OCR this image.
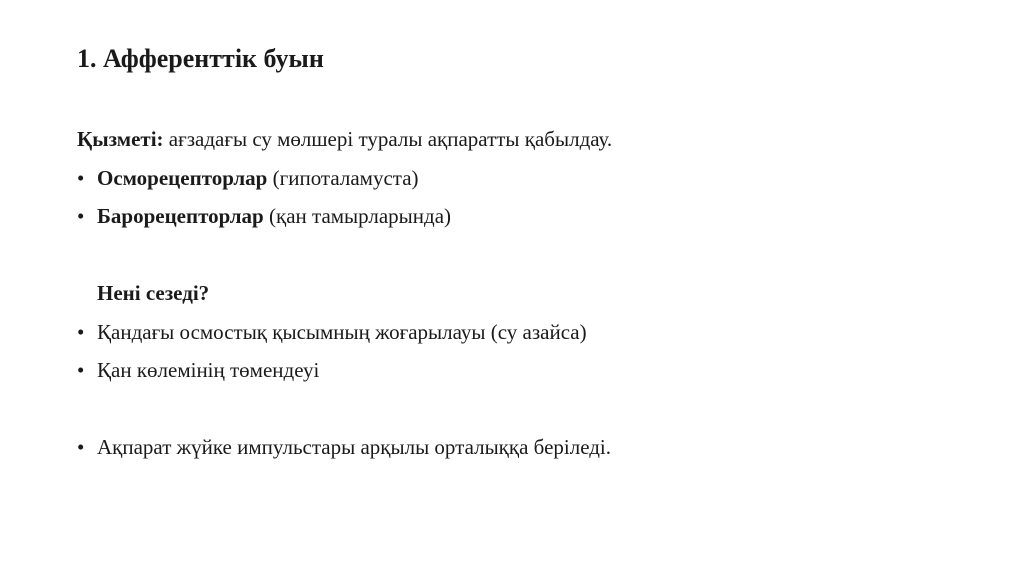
1. Афференттік буын
Қызметі: ағзадағы су мөлшері туралы ақпаратты қабылдау.
• Осморецепторлар (гипоталамуста)
• Барорецепторлар (қан тамырларында)
Нені сезеді?
• Қандағы осмостық қысымның жоғарылауы (су азайса)
• Қан көлемінің төмендеуі
• Ақпарат жүйке импульстары арқылы орталыққа беріледі.
